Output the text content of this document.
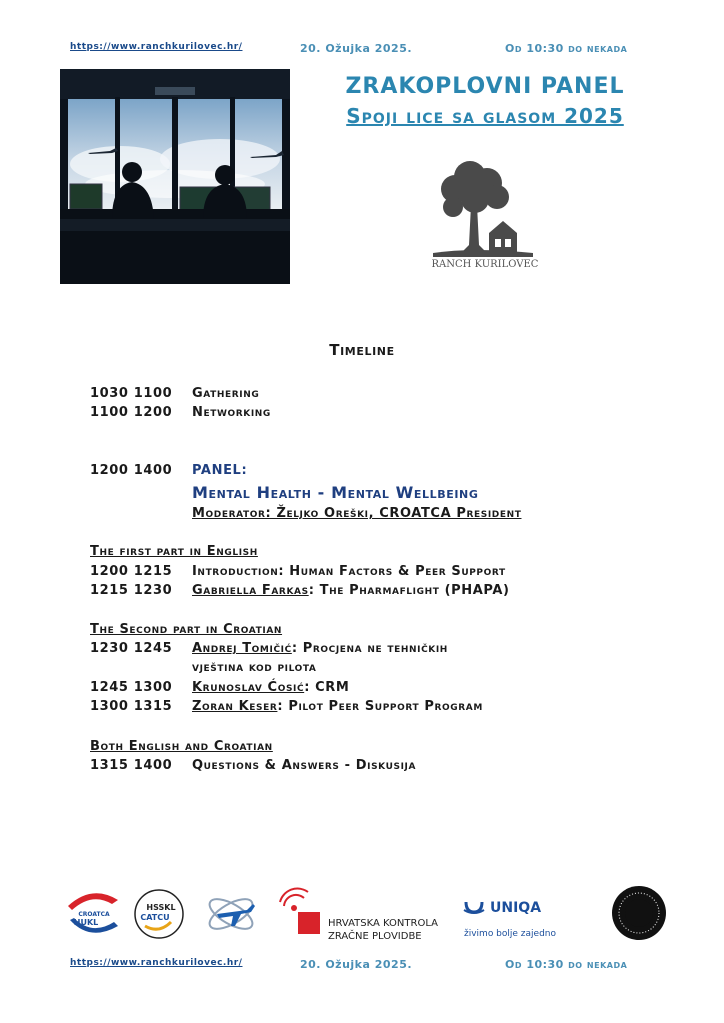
https://www.ranchkurilovec.hr/	20. Ožujka 2025.	Od 10:30 do nekada
ZRAKOPLOVNI PANEL
Spoji lice sa glasom 2025
RANCH KURILOVEC
Timeline
1030 1100 Gathering
1100 1200 Networking
1200 1400 PANEL:
Mental Health - Mental Wellbeing
Moderator: Željko Oreški, CROATCA President
The first part in English
1200 1215 Introduction: Human Factors & Peer Support
1215 1230 Gabriella Farkas: The Pharmaflight (PHAPA)
The Second part in Croatian
1230 1245 Andrej Tomičić: Procjena ne tehničkih
vještina kod pilota
1245 1300 Krunoslav Ćosić: CRM
1300 1315 Zoran Keser: Pilot Peer Support Program
Both English and Croatian
1315 1400 Questions & Answers - Diskusija
CROATCA
HUKL
HSSKL
CATCU
HRVATSKA KONTROLA
ZRAČNE PLOVIDBE
UNIQA
živimo bolje zajedno
https://www.ranchkurilovec.hr/	20. Ožujka 2025.	Od 10:30 do nekada
